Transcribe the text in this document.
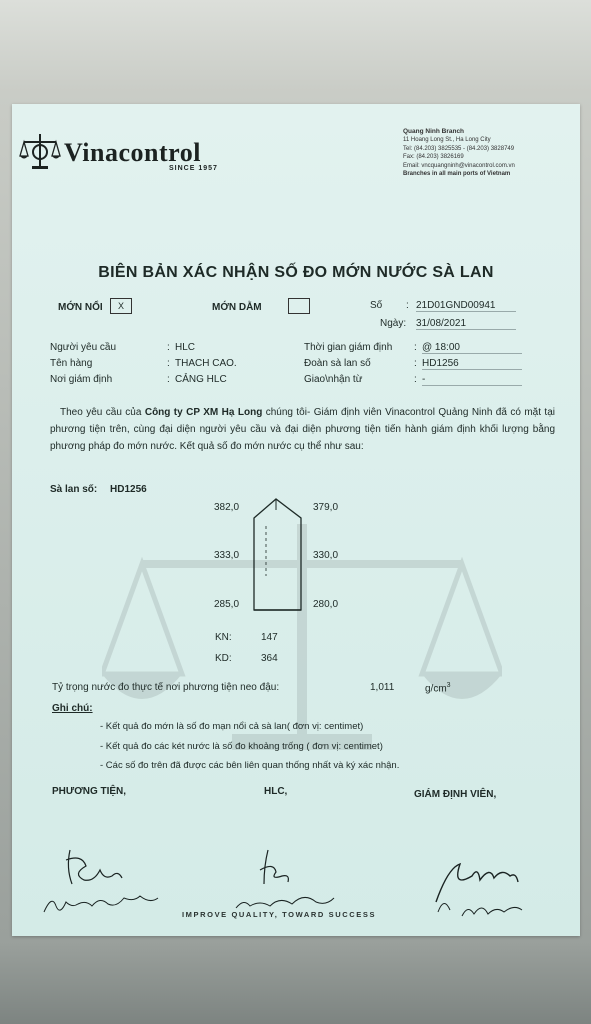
Vinacontrol
SINCE 1957
Quang Ninh Branch
11 Hoang Long St., Ha Long City
Tel: (84.203) 3825535 - (84.203) 3828749
Fax: (84.203) 3826169
Email: vncquangninh@vinacontrol.com.vn
Branches in all main ports of Vietnam
BIÊN BẢN XÁC NHẬN SỐ ĐO MỚN NƯỚC SÀ LAN
MỚN NỔI	X	MỚN DẰM	Số : 21D01GND00941
Ngày: 31/08/2021
Người yêu cầu	: HLC
Tên hàng	: THACH CAO.
Nơi giám định	: CẢNG HLC
Thời gian giám định : @ 18:00
Đoàn sà lan số	: HD1256
Giao\nhận từ	: -
Theo yêu cầu của Công ty CP XM Hạ Long chúng tôi- Giám định viên Vinacontrol Quảng Ninh đã có mặt tại phương tiện trên, cùng đại diện người yêu cầu và đại diện phương tiện tiến hành giám định khối lượng bằng phương pháp đo mớn nước. Kết quả số đo mớn nước cụ thể như sau:
Sà lan số: HD1256
382,0	379,0
333,0	330,0
285,0	280,0
KN:	147
KD:	364
Tỷ trọng nước đo thực tế nơi phương tiện neo đậu:	1,011	$g/cm^3$
Ghi chú:
- Kết quả đo mớn là số đo mạn nổi cả sà lan( đơn vị: centimet)
- Kết quả đo các két nước là số đo khoảng trống ( đơn vị: centimet)
- Các số đo trên đã được các bên liên quan thống nhất và ký xác nhận.
PHƯƠNG TIỆN,	HLC,	GIÁM ĐỊNH VIÊN,
IMPROVE QUALITY, TOWARD SUCCESS
